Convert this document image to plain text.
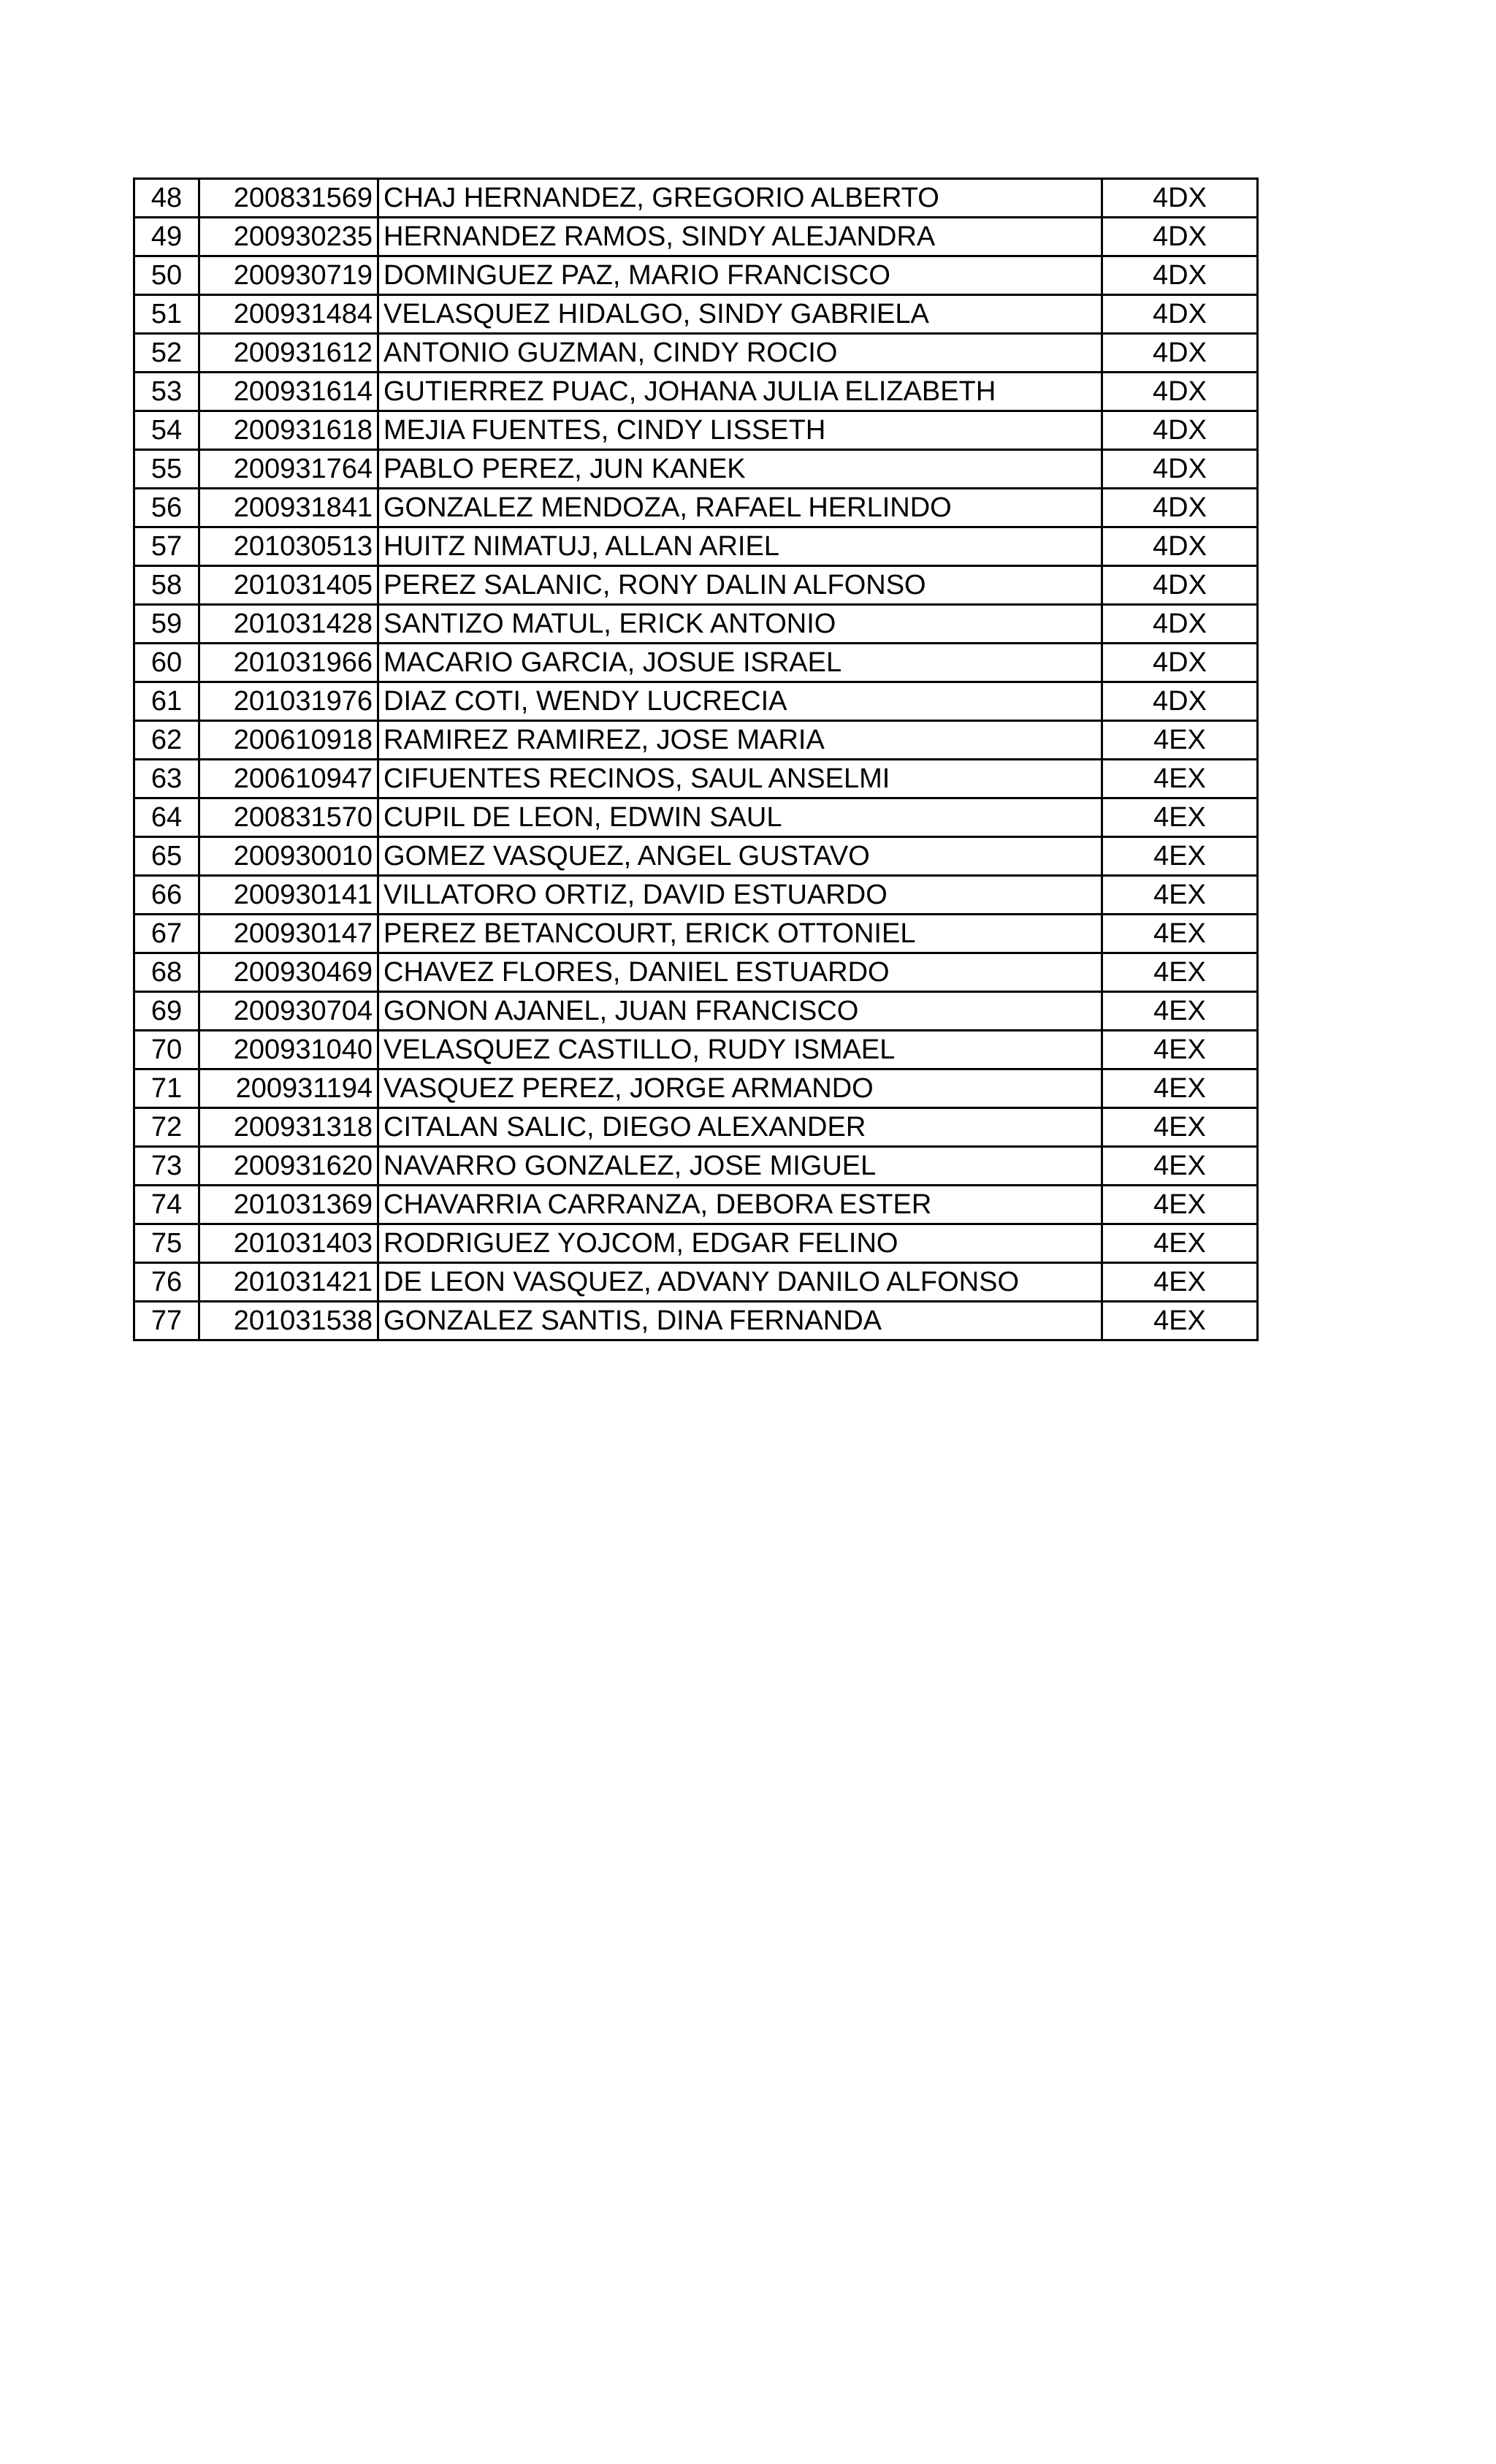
48	200831569	CHAJ HERNANDEZ, GREGORIO ALBERTO	4DX
49	200930235	HERNANDEZ RAMOS, SINDY ALEJANDRA	4DX
50	200930719	DOMINGUEZ PAZ, MARIO FRANCISCO	4DX
51	200931484	VELASQUEZ HIDALGO, SINDY GABRIELA	4DX
52	200931612	ANTONIO GUZMAN, CINDY ROCIO	4DX
53	200931614	GUTIERREZ PUAC, JOHANA JULIA ELIZABETH	4DX
54	200931618	MEJIA FUENTES, CINDY LISSETH	4DX
55	200931764	PABLO PEREZ, JUN KANEK	4DX
56	200931841	GONZALEZ MENDOZA, RAFAEL HERLINDO	4DX
57	201030513	HUITZ NIMATUJ, ALLAN ARIEL	4DX
58	201031405	PEREZ SALANIC, RONY DALIN ALFONSO	4DX
59	201031428	SANTIZO MATUL, ERICK ANTONIO	4DX
60	201031966	MACARIO GARCIA, JOSUE ISRAEL	4DX
61	201031976	DIAZ COTI, WENDY LUCRECIA	4DX
62	200610918	RAMIREZ RAMIREZ, JOSE MARIA	4EX
63	200610947	CIFUENTES RECINOS, SAUL ANSELMI	4EX
64	200831570	CUPIL DE LEON, EDWIN SAUL	4EX
65	200930010	GOMEZ VASQUEZ, ANGEL GUSTAVO	4EX
66	200930141	VILLATORO ORTIZ, DAVID ESTUARDO	4EX
67	200930147	PEREZ BETANCOURT, ERICK OTTONIEL	4EX
68	200930469	CHAVEZ FLORES, DANIEL ESTUARDO	4EX
69	200930704	GONON AJANEL, JUAN FRANCISCO	4EX
70	200931040	VELASQUEZ CASTILLO, RUDY ISMAEL	4EX
71	200931194	VASQUEZ PEREZ, JORGE ARMANDO	4EX
72	200931318	CITALAN SALIC, DIEGO ALEXANDER	4EX
73	200931620	NAVARRO GONZALEZ, JOSE MIGUEL	4EX
74	201031369	CHAVARRIA CARRANZA, DEBORA ESTER	4EX
75	201031403	RODRIGUEZ YOJCOM, EDGAR FELINO	4EX
76	201031421	DE LEON VASQUEZ, ADVANY DANILO ALFONSO	4EX
77	201031538	GONZALEZ SANTIS, DINA FERNANDA	4EX
